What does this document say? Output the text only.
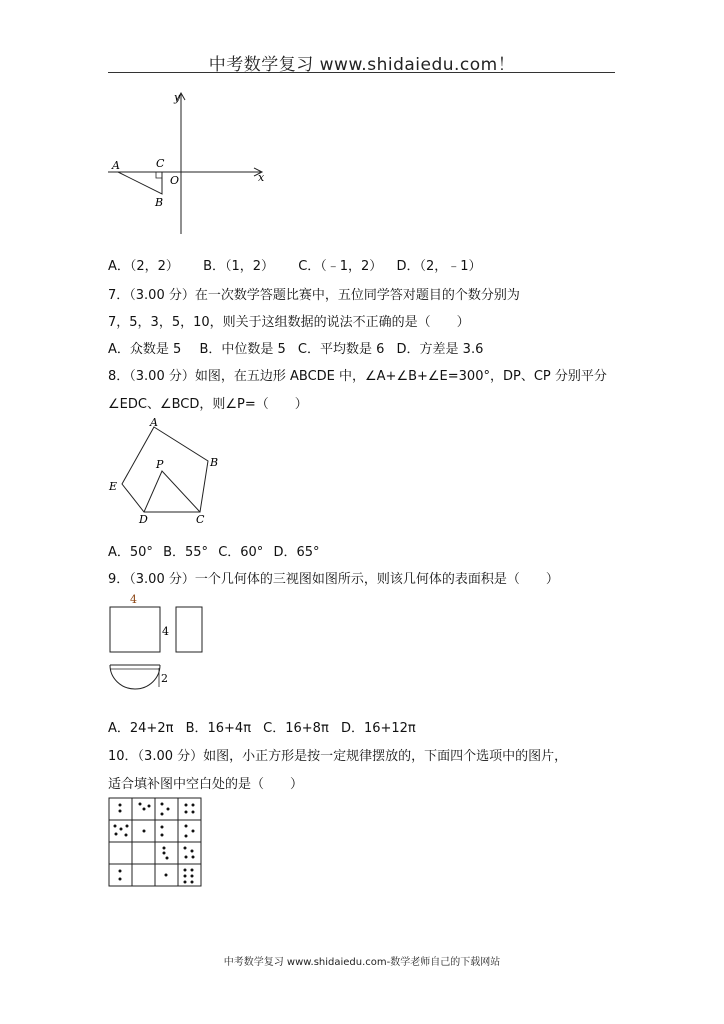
中考数学复习 www.shidaiedu.com！
y
x
A	C
O
B
A．（2，2） B．（1，2） C．（﹣1，2） D．（2，﹣1）
7．（3.00 分）在一次数学答题比赛中，五位同学答对题目的个数分别为
7，5，3，5，10，则关于这组数据的说法不正确的是（　　）
A．众数是 5 B．中位数是 5 C．平均数是 6 D．方差是 3.6
8．（3.00 分）如图，在五边形 ABCDE 中，∠A+∠B+∠E=300°，DP、CP 分别平分
∠EDC、∠BCD，则∠P=（　　）
A
B
E
P
D	C
A．50° B．55° C．60° D．65°
9．（3.00 分）一个几何体的三视图如图所示，则该几何体的表面积是（　　）
4
4
2
A．24+2π B．16+4π C．16+8π D．16+12π
10．（3.00 分）如图，小正方形是按一定规律摆放的，下面四个选项中的图片，
适合填补图中空白处的是（　　）
中考数学复习 www.shidaiedu.com-数学老师自己的下载网站
